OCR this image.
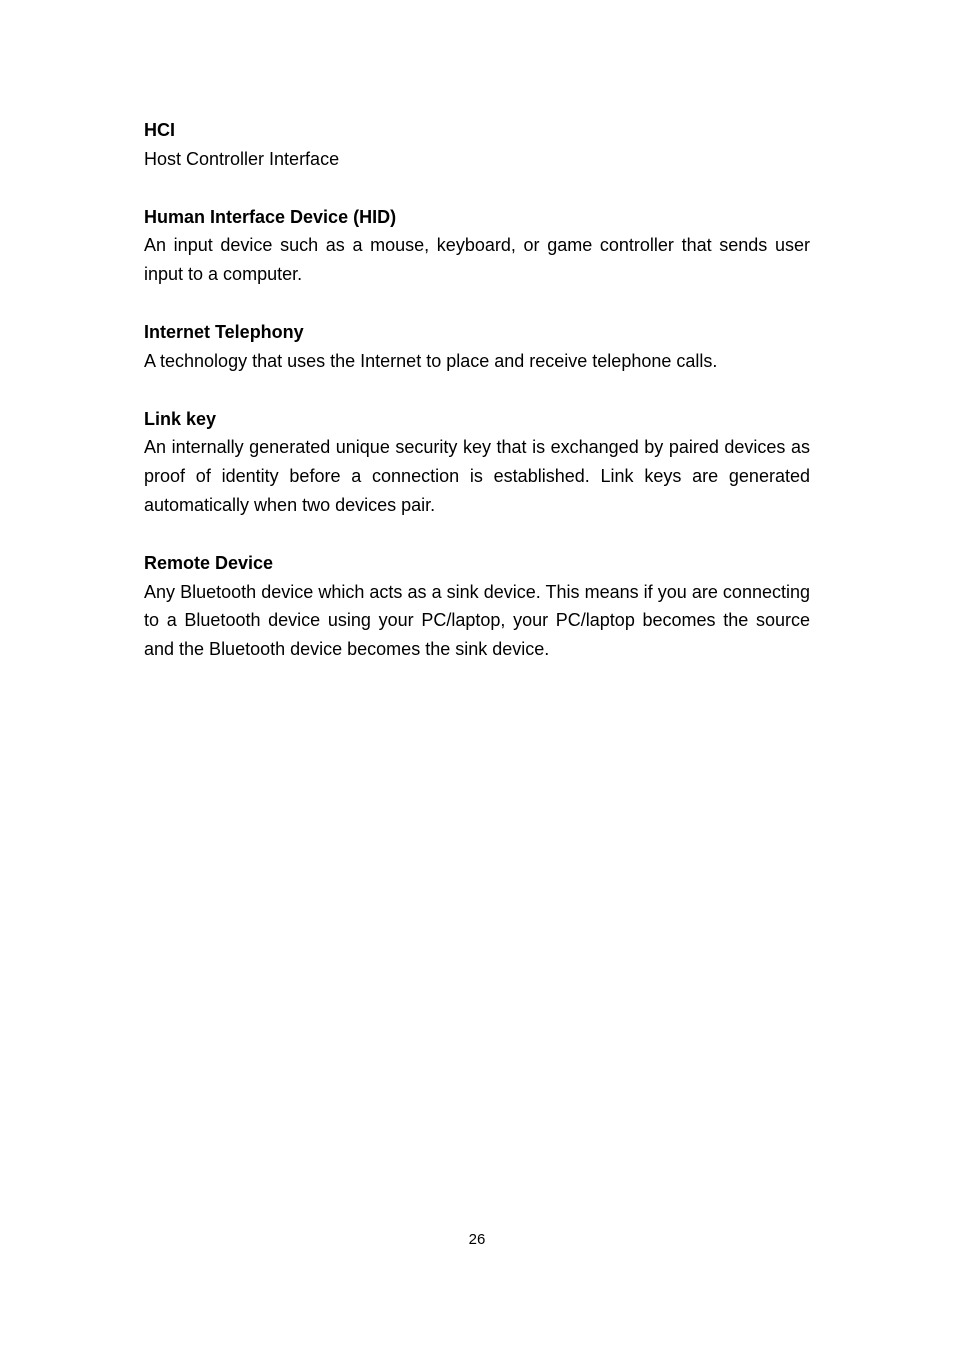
HCI

Host Controller Interface

Human Interface Device (HID)

An input device such as a mouse, keyboard, or game controller that sends user input to a computer.

Internet Telephony

A technology that uses the Internet to place and receive telephone calls.

Link key

An internally generated unique security key that is exchanged by paired devices as proof of identity before a connection is established. Link keys are generated automatically when two devices pair.

Remote Device

Any Bluetooth device which acts as a sink device. This means if you are connecting to a Bluetooth device using your PC/laptop, your PC/laptop becomes the source and the Bluetooth device becomes the sink device.

26
